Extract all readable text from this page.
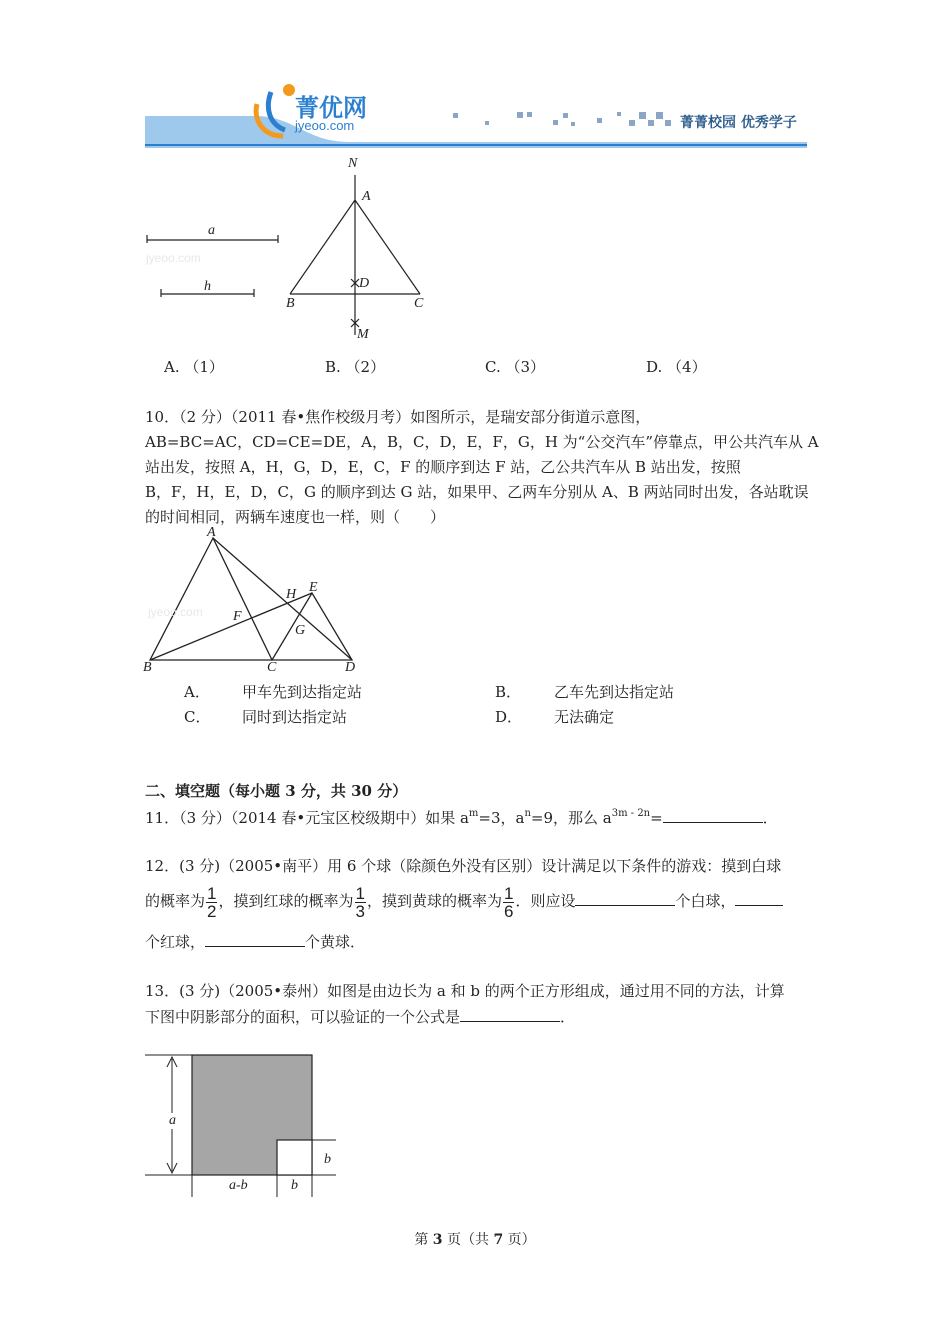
菁优网
jyeoo.com	菁菁校园 优秀学子
a
h
jyeoo.com
N
A
D
B	C
M
A. （1）	B. （2）	C. （3）	D. （4）
10．（2 分）（2011 春•焦作校级月考）如图所示，是瑞安部分街道示意图，
AB=BC=AC，CD=CE=DE，A，B，C，D，E，F，G，H 为“公交汽车”停靠点，甲公共汽车从 A
站出发，按照 A，H，G，D，E，C，F 的顺序到达 F 站，乙公共汽车从 B 站出发，按照
B，F，H，E，D，C，G 的顺序到达 G 站，如果甲、乙两车分别从 A、B 两站同时出发，各站耽误
的时间相同，两辆车速度也一样，则（　　）
A
H E
F
G
B	C	D
jyeoo.com
A． 甲车先到达指定站	B． 乙车先到达指定站
C． 同时到达指定站	D． 无法确定
二、填空题（每小题 3 分，共 30 分）
11．（3 分）（2014 春•元宝区校级期中）如果 $a^m=3$，$a^n=9$，那么 $a^{3m - 2n}=$	．
12．(3 分)（2005•南平）用 6 个球（除颜色外没有区别）设计满足以下条件的游戏：摸到白球
的概率为 $\frac{1}{2}$ ，摸到红球的概率为 $\frac{1}{3}$ ，摸到黄球的概率为 $\frac{1}{6}$ ．则应设	个白球，
个红球，	个黄球．
13．(3 分)（2005•泰州）如图是由边长为 a 和 b 的两个正方形组成，通过用不同的方法，计算
下图中阴影部分的面积，可以验证的一个公式是	．
a
b
a-b	b
第 3 页（共 7 页）
